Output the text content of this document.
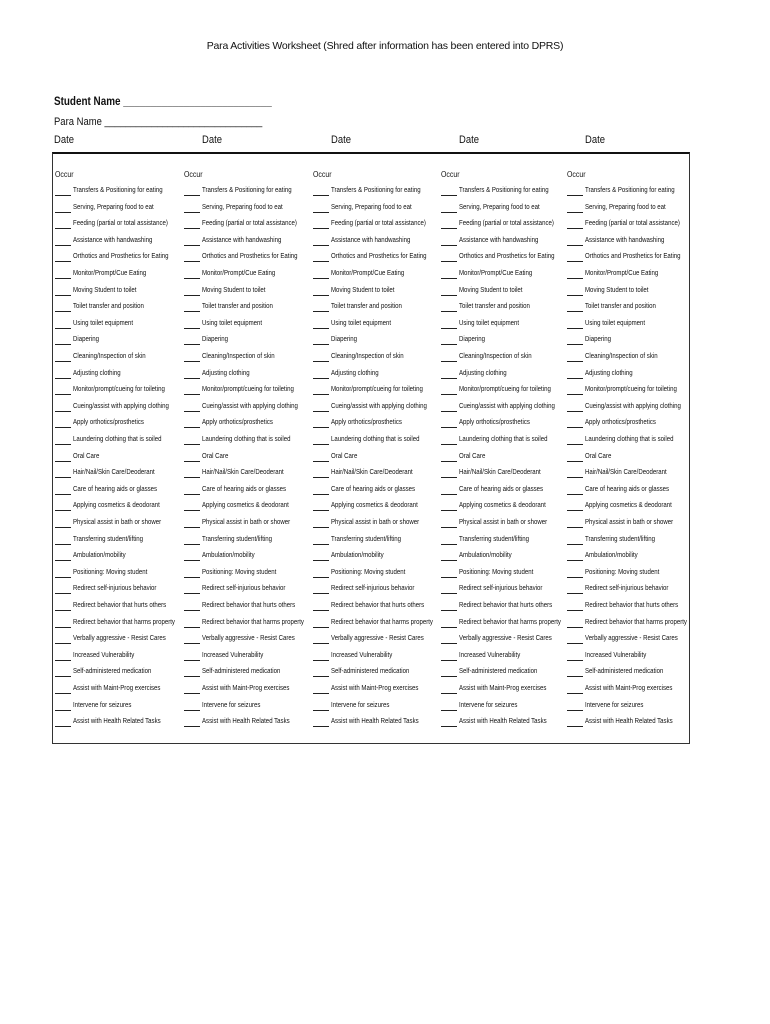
Para Activities Worksheet (Shred after information has been entered into DPRS)
Student Name ___________________________
Para Name ______________________________
Date	Date	Date	Date	Date
Occur
Transfers & Positioning for eating
Serving, Preparing food to eat
Feeding (partial or total assistance)
Assistance with handwashing
Orthotics and Prosthetics for Eating
Monitor/Prompt/Cue Eating
Moving Student to toilet
Toilet transfer and position
Using toilet equipment
Diapering
Cleaning/Inspection of skin
Adjusting clothing
Monitor/prompt/cueing for toileting
Cueing/assist with applying clothing
Apply orthotics/prosthetics
Laundering clothing that is soiled
Oral Care
Hair/Nail/Skin Care/Deoderant
Care of hearing aids or glasses
Applying cosmetics & deodorant
Physical assist in bath or shower
Transferring student/lifting
Ambulation/mobility
Positioning: Moving student
Redirect self-injurious behavior
Redirect behavior that hurts others
Redirect behavior that harms property
Verbally aggressive - Resist Cares
Increased Vulnerability
Self-administered medication
Assist with Maint-Prog exercises
Intervene for seizures
Assist with Health Related Tasks
Occur
Transfers & Positioning for eating
Serving, Preparing food to eat
Feeding (partial or total assistance)
Assistance with handwashing
Orthotics and Prosthetics for Eating
Monitor/Prompt/Cue Eating
Moving Student to toilet
Toilet transfer and position
Using toilet equipment
Diapering
Cleaning/Inspection of skin
Adjusting clothing
Monitor/prompt/cueing for toileting
Cueing/assist with applying clothing
Apply orthotics/prosthetics
Laundering clothing that is soiled
Oral Care
Hair/Nail/Skin Care/Deoderant
Care of hearing aids or glasses
Applying cosmetics & deodorant
Physical assist in bath or shower
Transferring student/lifting
Ambulation/mobility
Positioning: Moving student
Redirect self-injurious behavior
Redirect behavior that hurts others
Redirect behavior that harms property
Verbally aggressive - Resist Cares
Increased Vulnerability
Self-administered medication
Assist with Maint-Prog exercises
Intervene for seizures
Assist with Health Related Tasks
Occur
Transfers & Positioning for eating
Serving, Preparing food to eat
Feeding (partial or total assistance)
Assistance with handwashing
Orthotics and Prosthetics for Eating
Monitor/Prompt/Cue Eating
Moving Student to toilet
Toilet transfer and position
Using toilet equipment
Diapering
Cleaning/Inspection of skin
Adjusting clothing
Monitor/prompt/cueing for toileting
Cueing/assist with applying clothing
Apply orthotics/prosthetics
Laundering clothing that is soiled
Oral Care
Hair/Nail/Skin Care/Deoderant
Care of hearing aids or glasses
Applying cosmetics & deodorant
Physical assist in bath or shower
Transferring student/lifting
Ambulation/mobility
Positioning: Moving student
Redirect self-injurious behavior
Redirect behavior that hurts others
Redirect behavior that harms property
Verbally aggressive - Resist Cares
Increased Vulnerability
Self-administered medication
Assist with Maint-Prog exercises
Intervene for seizures
Assist with Health Related Tasks
Occur
Transfers & Positioning for eating
Serving, Preparing food to eat
Feeding (partial or total assistance)
Assistance with handwashing
Orthotics and Prosthetics for Eating
Monitor/Prompt/Cue Eating
Moving Student to toilet
Toilet transfer and position
Using toilet equipment
Diapering
Cleaning/Inspection of skin
Adjusting clothing
Monitor/prompt/cueing for toileting
Cueing/assist with applying clothing
Apply orthotics/prosthetics
Laundering clothing that is soiled
Oral Care
Hair/Nail/Skin Care/Deoderant
Care of hearing aids or glasses
Applying cosmetics & deodorant
Physical assist in bath or shower
Transferring student/lifting
Ambulation/mobility
Positioning: Moving student
Redirect self-injurious behavior
Redirect behavior that hurts others
Redirect behavior that harms property
Verbally aggressive - Resist Cares
Increased Vulnerability
Self-administered medication
Assist with Maint-Prog exercises
Intervene for seizures
Assist with Health Related Tasks
Occur
Transfers & Positioning for eating
Serving, Preparing food to eat
Feeding (partial or total assistance)
Assistance with handwashing
Orthotics and Prosthetics for Eating
Monitor/Prompt/Cue Eating
Moving Student to toilet
Toilet transfer and position
Using toilet equipment
Diapering
Cleaning/Inspection of skin
Adjusting clothing
Monitor/prompt/cueing for toileting
Cueing/assist with applying clothing
Apply orthotics/prosthetics
Laundering clothing that is soiled
Oral Care
Hair/Nail/Skin Care/Deoderant
Care of hearing aids or glasses
Applying cosmetics & deodorant
Physical assist in bath or shower
Transferring student/lifting
Ambulation/mobility
Positioning: Moving student
Redirect self-injurious behavior
Redirect behavior that hurts others
Redirect behavior that harms property
Verbally aggressive - Resist Cares
Increased Vulnerability
Self-administered medication
Assist with Maint-Prog exercises
Intervene for seizures
Assist with Health Related Tasks
